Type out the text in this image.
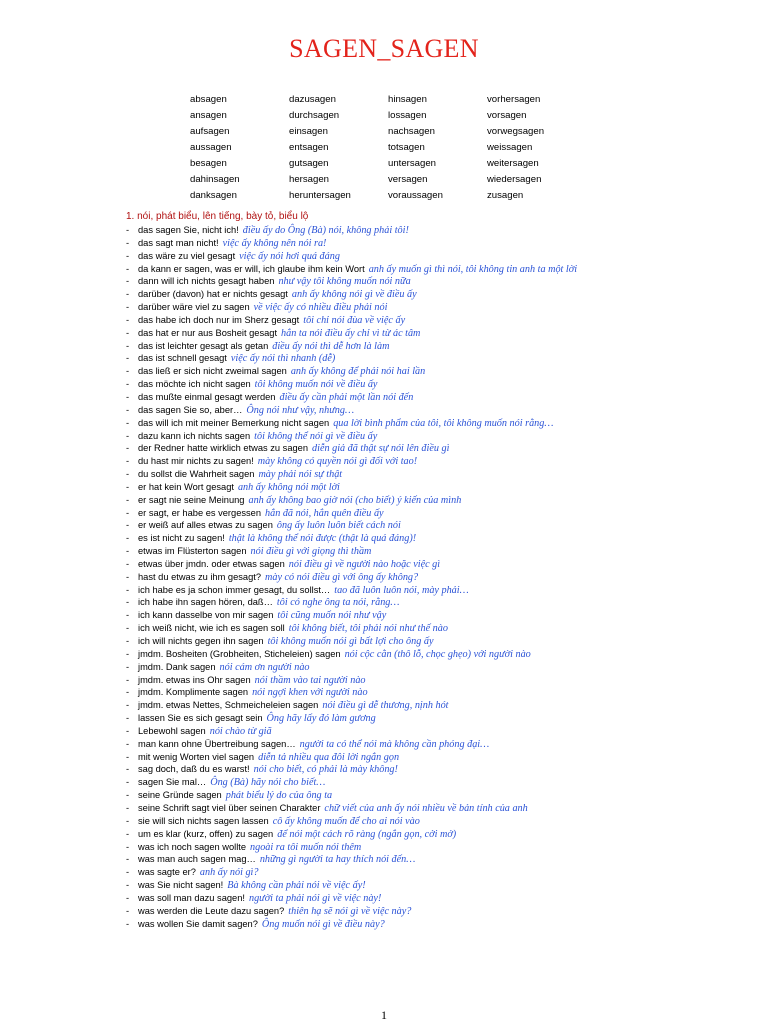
SAGEN_SAGEN
absagen	dazusagen	hinsagen	vorhersagen
ansagen	durchsagen	lossagen	vorsagen
aufsagen	einsagen	nachsagen	vorwegsagen
aussagen	entsagen	totsagen	weissagen
besagen	gutsagen	untersagen	weitersagen
dahinsagen	hersagen	versagen	wiedersagen
danksagen	heruntersagen	voraussagen	zusagen
1. nói, phát biểu, lên tiếng, bày tỏ, biểu lộ
- das sagen Sie, nicht ich! điều ấy do Ông (Bà) nói, không phải tôi!
- das sagt man nicht! việc ấy không nên nói ra!
- das wäre zu viel gesagt việc ấy nói hơi quá đáng
- da kann er sagen, was er will, ich glaube ihm kein Wort anh ấy muốn gì thì nói, tôi không tin anh ta một lời
- dann will ich nichts gesagt haben như vậy tôi không muốn nói nữa
- darüber (davon) hat er nichts gesagt anh ấy không nói gì về điều ấy
- darüber wäre viel zu sagen về việc ấy có nhiều điều phải nói
- das habe ich doch nur im Sherz gesagt tôi chỉ nói đùa về việc ấy
- das hat er nur aus Bosheit gesagt hắn ta nói điều ấy chỉ vì từ ác tâm
- das ist leichter gesagt als getan điều ấy nói thì dễ hơn là làm
- das ist schnell gesagt việc ấy nói thì nhanh (dễ)
- das ließ er sich nicht zweimal sagen anh ấy không để phải nói hai lần
- das möchte ich nicht sagen tôi không muốn nói về điều ấy
- das mußte einmal gesagt werden điều ấy cần phải một lần nói đến
- das sagen Sie so, aber… Ông nói như vậy, nhưng…
- das will ich mit meiner Bemerkung nicht sagen qua lời bình phẩm của tôi, tôi không muốn nói rằng…
- dazu kann ich nichts sagen tôi không thể nói gì về điều ấy
- der Redner hatte wirklich etwas zu sagen diễn giả đã thật sự nói lên điều gì
- du hast mir nichts zu sagen! mày không có quyền nói gì đối với tao!
- du sollst die Wahrheit sagen mày phải nói sự thật
- er hat kein Wort gesagt anh ấy không nói một lời
- er sagt nie seine Meinung anh ấy không bao giờ nói (cho biết) ý kiến của mình
- er sagt, er habe es vergessen hắn đã nói, hắn quên điều ấy
- er weiß auf alles etwas zu sagen ông ấy luôn luôn biết cách nói
- es ist nicht zu sagen! thật là không thể nói được (thật là quá đáng)!
- etwas im Flüsterton sagen nói điều gì với giọng thì thầm
- etwas über jmdn. oder etwas sagen nói điều gì về người nào hoặc việc gì
- hast du etwas zu ihm gesagt? mày có nói điều gì với ông ấy không?
- ich habe es ja schon immer gesagt, du sollst… tao đã luôn luôn nói, mày phải…
- ich habe ihn sagen hören, daß… tôi có nghe ông ta nói, rằng…
- ich kann dasselbe von mir sagen tôi cũng muốn nói như vậy
- ich weiß nicht, wie ich es sagen soll tôi không biết, tôi phải nói như thế nào
- ich will nichts gegen ihn sagen tôi không muốn nói gì bất lợi cho ông ấy
- jmdm. Bosheiten (Grobheiten, Sticheleien) sagen nói cộc cằn (thô lỗ, chọc ghẹo) với người nào
- jmdm. Dank sagen nói cám ơn người nào
- jmdm. etwas ins Ohr sagen nói thầm vào tai người nào
- jmdm. Komplimente sagen nói ngợi khen với người nào
- jmdm. etwas Nettes, Schmeicheleien sagen nói điều gì dễ thương, nịnh hót
- lassen Sie es sich gesagt sein Ông hãy lấy đó làm gương
- Lebewohl sagen nói chào từ giã
- man kann ohne Übertreibung sagen… người ta có thể nói mà không cần phóng đại…
- mit wenig Worten viel sagen diễn tả nhiều qua đôi lời ngắn gọn
- sag doch, daß du es warst! nói cho biết, có phải là mày không!
- sagen Sie mal… Ông (Bà) hãy nói cho biết…
- seine Gründe sagen phát biểu lý do của ông ta
- seine Schrift sagt viel über seinen Charakter chữ viết của anh ấy nói nhiều về bản tính của anh
- sie will sich nichts sagen lassen cô ấy không muốn để cho ai nói vào
- um es klar (kurz, offen) zu sagen để nói một cách rõ ràng (ngắn gọn, cởi mở)
- was ich noch sagen wollte ngoài ra tôi muốn nói thêm
- was man auch sagen mag… những gì người ta hay thích nói đến…
- was sagte er? anh ấy nói gì?
- was Sie nicht sagen! Bà không cần phải nói về việc ấy!
- was soll man dazu sagen! người ta phải nói gì về việc này!
- was werden die Leute dazu sagen? thiên hạ sẽ nói gì về việc này?
- was wollen Sie damit sagen? Ông muốn nói gì về điều này?
1
